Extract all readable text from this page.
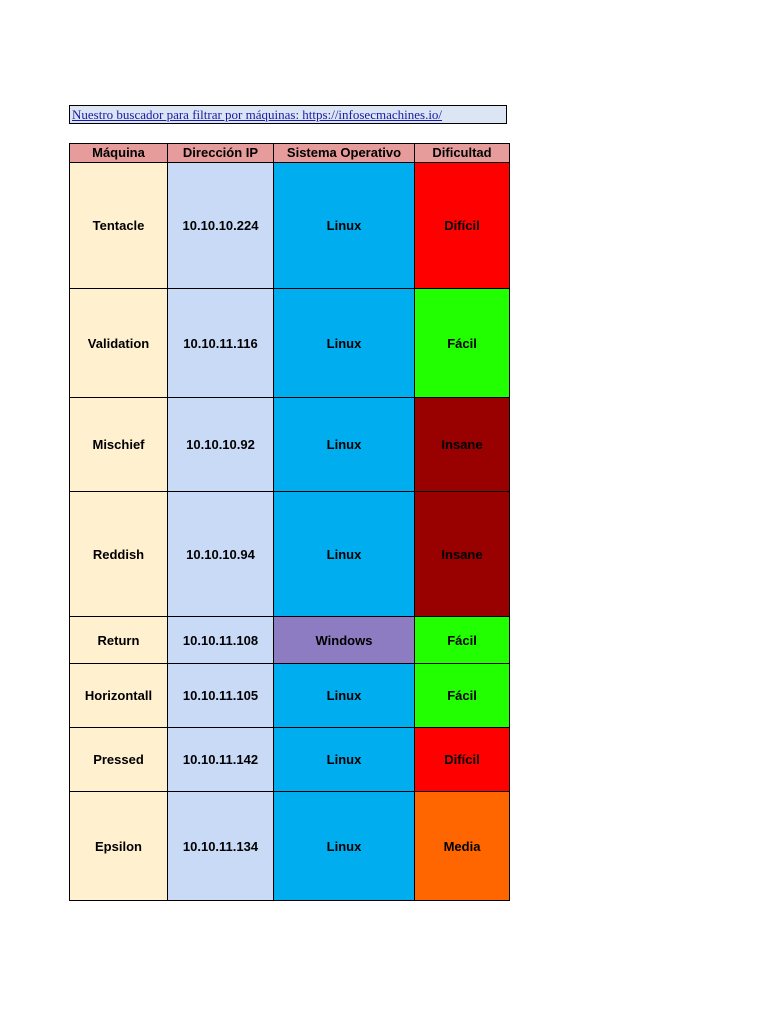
Nuestro buscador para filtrar por máquinas: https://infosecmachines.io/
Máquina	Dirección IP	Sistema Operativo	Dificultad
Tentacle	10.10.10.224	Linux	Difícil
Validation	10.10.11.116	Linux	Fácil
Mischief	10.10.10.92	Linux	Insane
Reddish	10.10.10.94	Linux	Insane
Return	10.10.11.108	Windows	Fácil
Horizontall	10.10.11.105	Linux	Fácil
Pressed	10.10.11.142	Linux	Difícil
Epsilon	10.10.11.134	Linux	Media
